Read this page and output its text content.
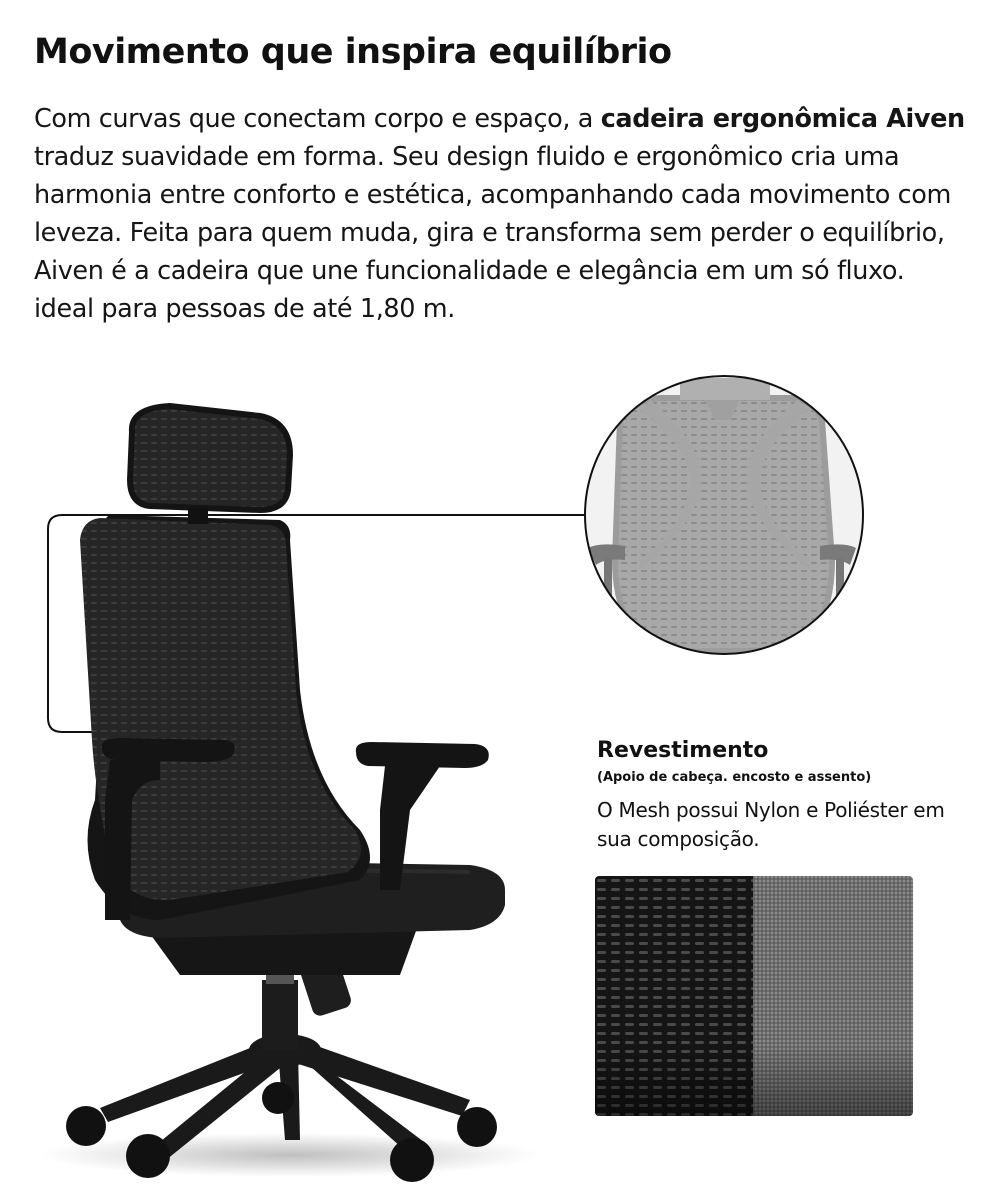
Movimento que inspira equilíbrio

Com curvas que conectam corpo e espaço, a cadeira ergonômica Aiven traduz suavidade em forma. Seu design fluido e ergonômico cria uma harmonia entre conforto e estética, acompanhando cada movimento com leveza. Feita para quem muda, gira e transforma sem perder o equilíbrio, Aiven é a cadeira que une funcionalidade e elegância em um só fluxo. ideal para pessoas de até 1,80 m.

Revestimento

(Apoio de cabeça. encosto e assento)

O Mesh possui Nylon e Poliéster em sua composição.
